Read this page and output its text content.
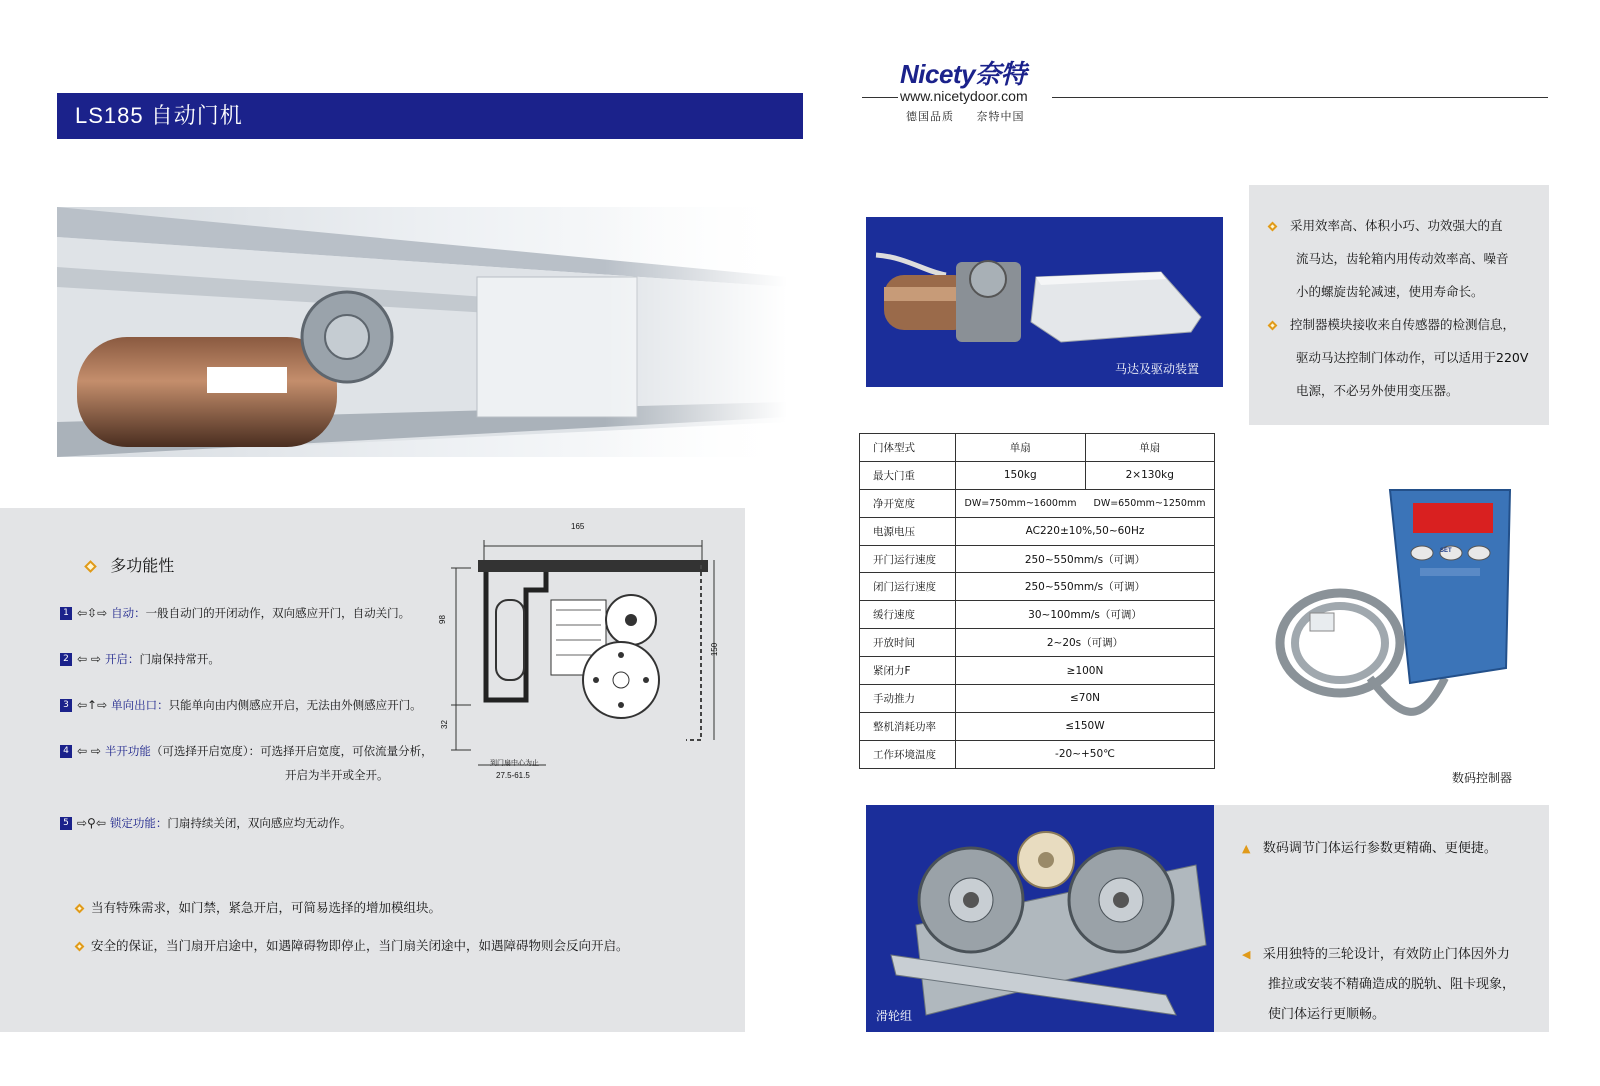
LS185 自动门机
Nicety奈特
www.nicetydoor.com
德国品质 奈特中国
多功能性
1 ⇦⇳⇨ 自动：一般自动门的开闭动作，双向感应开门，自动关门。
2 ⇦ ⇨ 开启：门扇保持常开。
3 ⇦↑⇨ 单向出口：只能单向由内侧感应开启，无法由外侧感应开门。
4 ⇦ ⇨ 半开功能（可选择开启宽度）：可选择开启宽度，可依流量分析，
开启为半开或全开。
5 ⇨⚲⇦ 锁定功能：门扇持续关闭，双向感应均无动作。
当有特殊需求，如门禁，紧急开启，可简易选择的增加模组块。
安全的保证，当门扇开启途中，如遇障碍物即停止，当门扇关闭途中，如遇障碍物则会反向开启。
165
98
32
150
到门扇中心为止
27.5-61.5
马达及驱动装置
门体型式	单扇	单扇
最大门重	150kg	2×130kg
净开宽度	DW=750mm~1600mm	DW=650mm~1250mm
电源电压	AC220±10%,50~60Hz	
开门运行速度	250~550mm/s（可调）	
闭门运行速度	250~550mm/s（可调）	
缓行速度	30~100mm/s（可调）	
开放时间	2~20s（可调）	
紧闭力F	≥100N	
手动推力	≤70N	
整机消耗功率	≤150W	
工作环境温度	-20~+50℃	
采用效率高、体积小巧、功效强大的直
流马达，齿轮箱内用传动效率高、噪音
小的螺旋齿轮减速，使用寿命长。
控制器模块接收来自传感器的检测信息，
驱动马达控制门体动作，可以适用于220V
电源，不必另外使用变压器。
SET
数码控制器
滑轮组
▲ 数码调节门体运行参数更精确、更便捷。
◀ 采用独特的三轮设计，有效防止门体因外力
推拉或安装不精确造成的脱轨、阻卡现象，
使门体运行更顺畅。
